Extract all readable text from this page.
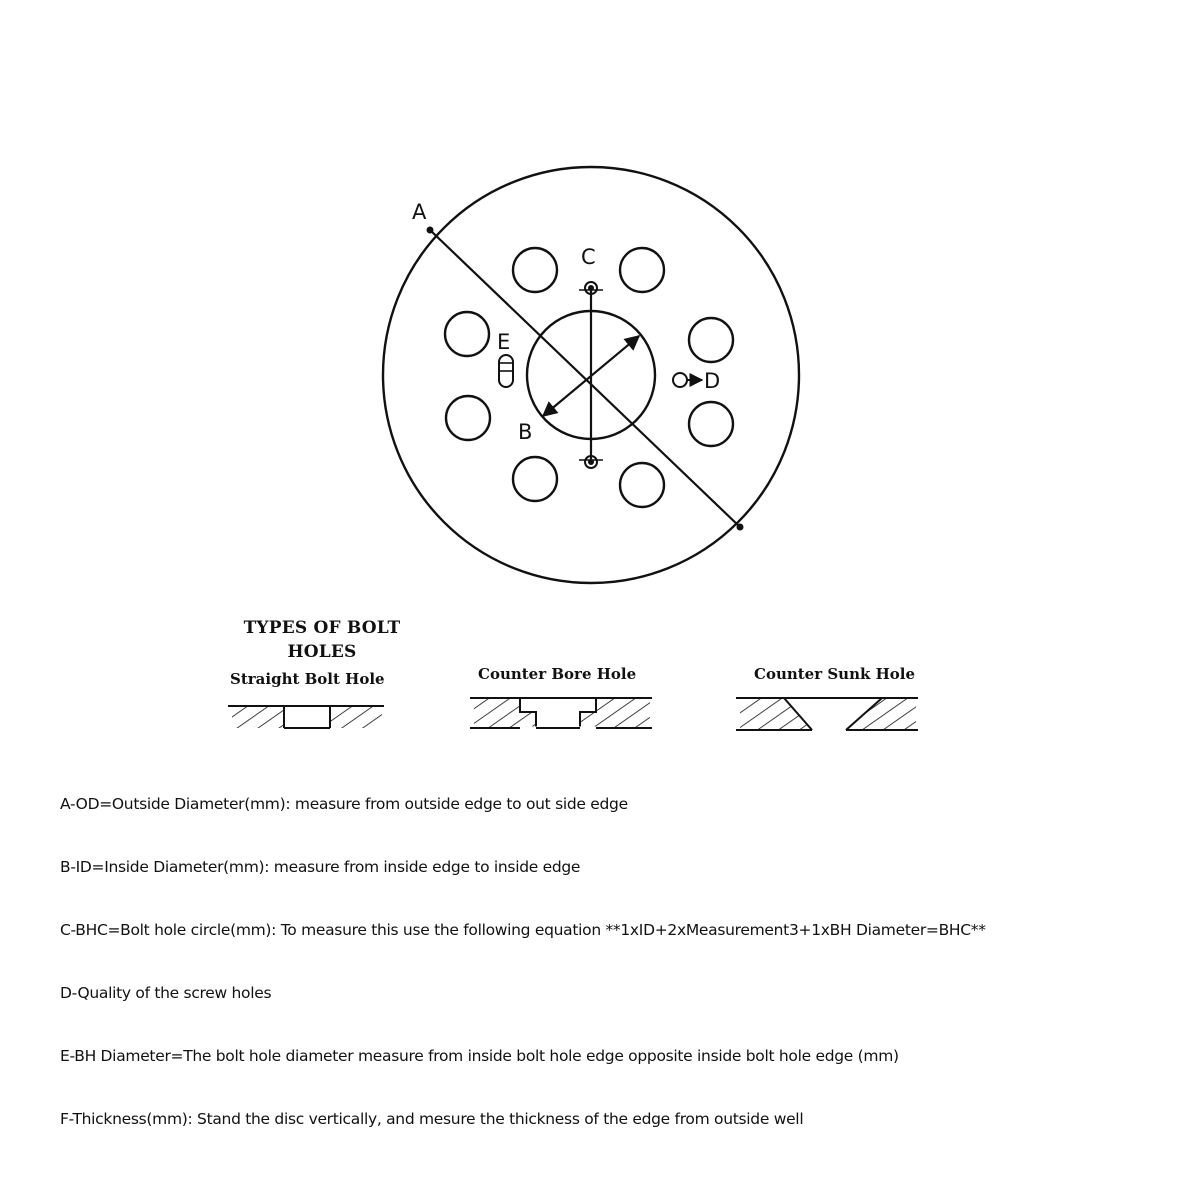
A
B
C
D
E
TYPES OF BOLT
HOLES
Straight Bolt Hole	Counter Bore Hole	Counter Sunk Hole
A-OD=Outside Diameter(mm): measure from outside edge to out side edge
B-ID=Inside Diameter(mm): measure from inside edge to inside edge
C-BHC=Bolt hole circle(mm): To measure this use the following equation **1xID+2xMeasurement3+1xBH Diameter=BHC**
D-Quality of the screw holes
E-BH Diameter=The bolt hole diameter measure from inside bolt hole edge opposite inside bolt hole edge (mm)
F-Thickness(mm): Stand the disc vertically, and mesure the thickness of the edge from outside well
